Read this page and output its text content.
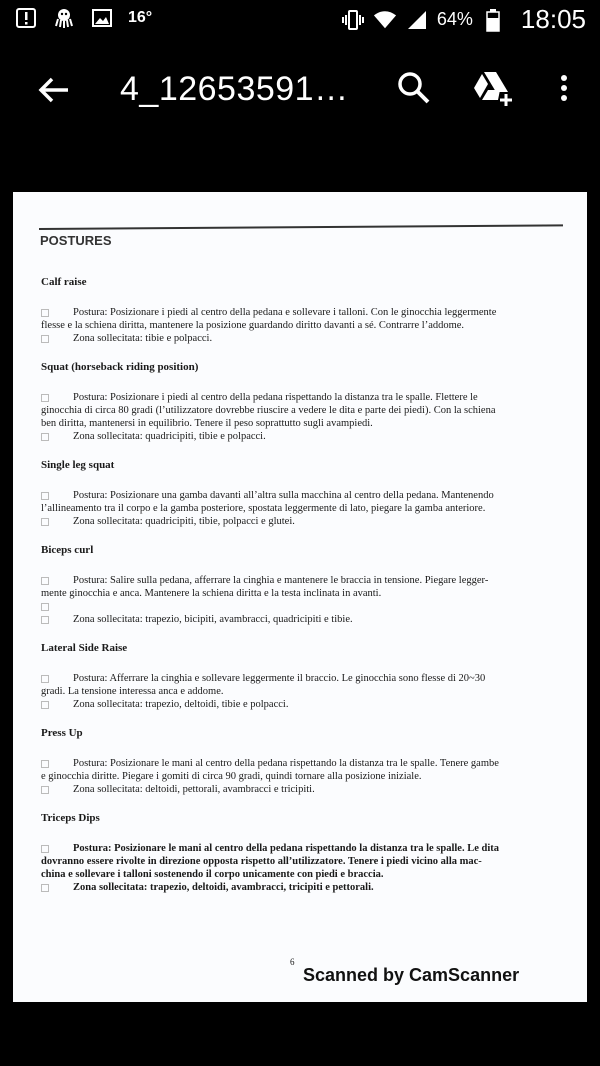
16°	64% 18:05
4_12653591…
POSTURES
Calf raise
Postura: Posizionare i piedi al centro della pedana e sollevare i talloni. Con le ginocchia leggermente
flesse e la schiena diritta, mantenere la posizione guardando diritto davanti a sé. Contrarre l’addome.
Zona sollecitata: tibie e polpacci.
Squat (horseback riding position)
Postura: Posizionare i piedi al centro della pedana rispettando la distanza tra le spalle. Flettere le
ginocchia di circa 80 gradi (l’utilizzatore dovrebbe riuscire a vedere le dita e parte dei piedi). Con la schiena
ben diritta, mantenersi in equilibrio. Tenere il peso soprattutto sugli avampiedi.
Zona sollecitata: quadricipiti, tibie e polpacci.
Single leg squat
Postura: Posizionare una gamba davanti all’altra sulla macchina al centro della pedana. Mantenendo
l’allineamento tra il corpo e la gamba posteriore, spostata leggermente di lato, piegare la gamba anteriore.
Zona sollecitata: quadricipiti, tibie, polpacci e glutei.
Biceps curl
Postura: Salire sulla pedana, afferrare la cinghia e mantenere le braccia in tensione. Piegare legger-
mente ginocchia e anca. Mantenere la schiena diritta e la testa inclinata in avanti.
Zona sollecitata: trapezio, bicipiti, avambracci, quadricipiti e tibie.
Lateral Side Raise
Postura: Afferrare la cinghia e sollevare leggermente il braccio. Le ginocchia sono flesse di 20~30
gradi. La tensione interessa anca e addome.
Zona sollecitata: trapezio, deltoidi, tibie e polpacci.
Press Up
Postura: Posizionare le mani al centro della pedana rispettando la distanza tra le spalle. Tenere gambe
e ginocchia diritte. Piegare i gomiti di circa 90 gradi, quindi tornare alla posizione iniziale.
Zona sollecitata: deltoidi, pettorali, avambracci e tricipiti.
Triceps Dips
Postura: Posizionare le mani al centro della pedana rispettando la distanza tra le spalle. Le dita
dovranno essere rivolte in direzione opposta rispetto all’utilizzatore. Tenere i piedi vicino alla mac-
china e sollevare i talloni sostenendo il corpo unicamente con piedi e braccia.
Zona sollecitata: trapezio, deltoidi, avambracci, tricipiti e pettorali.
6
Scanned by CamScanner
